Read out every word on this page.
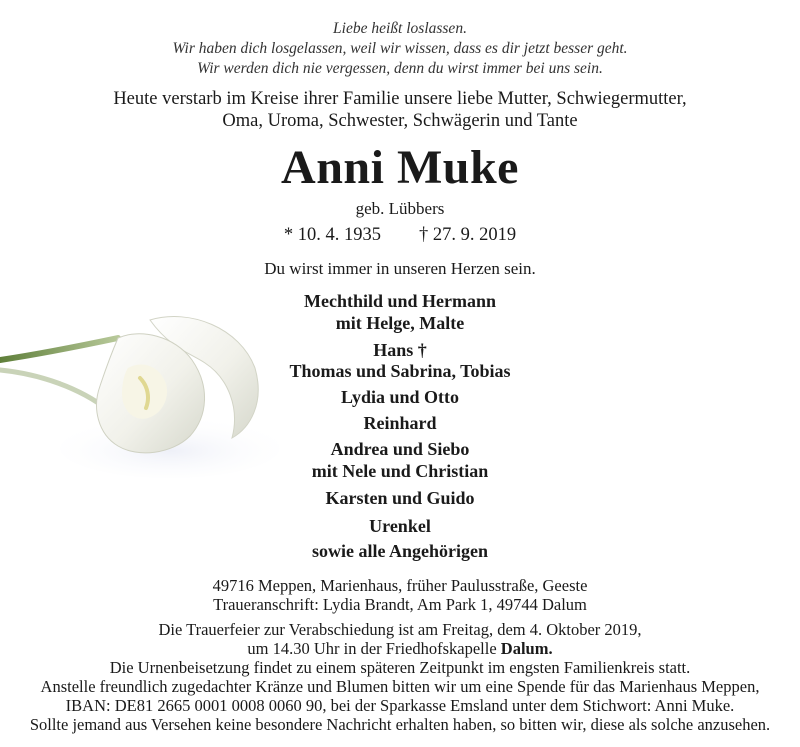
Liebe heißt loslassen.
Wir haben dich losgelassen, weil wir wissen, dass es dir jetzt besser geht.
Wir werden dich nie vergessen, denn du wirst immer bei uns sein.
Heute verstarb im Kreise ihrer Familie unsere liebe Mutter, Schwiegermutter,
Oma, Uroma, Schwester, Schwägerin und Tante
Anni Muke
geb. Lübbers
* 10. 4. 1935 † 27. 9. 2019
Du wirst immer in unseren Herzen sein.
Mechthild und Hermann
mit Helge, Malte
Hans †
Thomas und Sabrina, Tobias
Lydia und Otto
Reinhard
Andrea und Siebo
mit Nele und Christian
Karsten und Guido
Urenkel
sowie alle Angehörigen
49716 Meppen, Marienhaus, früher Paulusstraße, Geeste
Traueranschrift: Lydia Brandt, Am Park 1, 49744 Dalum
Die Trauerfeier zur Verabschiedung ist am Freitag, dem 4. Oktober 2019,
um 14.30 Uhr in der Friedhofskapelle Dalum.
Die Urnenbeisetzung findet zu einem späteren Zeitpunkt im engsten Familienkreis statt.
Anstelle freundlich zugedachter Kränze und Blumen bitten wir um eine Spende für das Marienhaus Meppen,
IBAN: DE81 2665 0001 0008 0060 90, bei der Sparkasse Emsland unter dem Stichwort: Anni Muke.
Sollte jemand aus Versehen keine besondere Nachricht erhalten haben, so bitten wir, diese als solche anzusehen.
